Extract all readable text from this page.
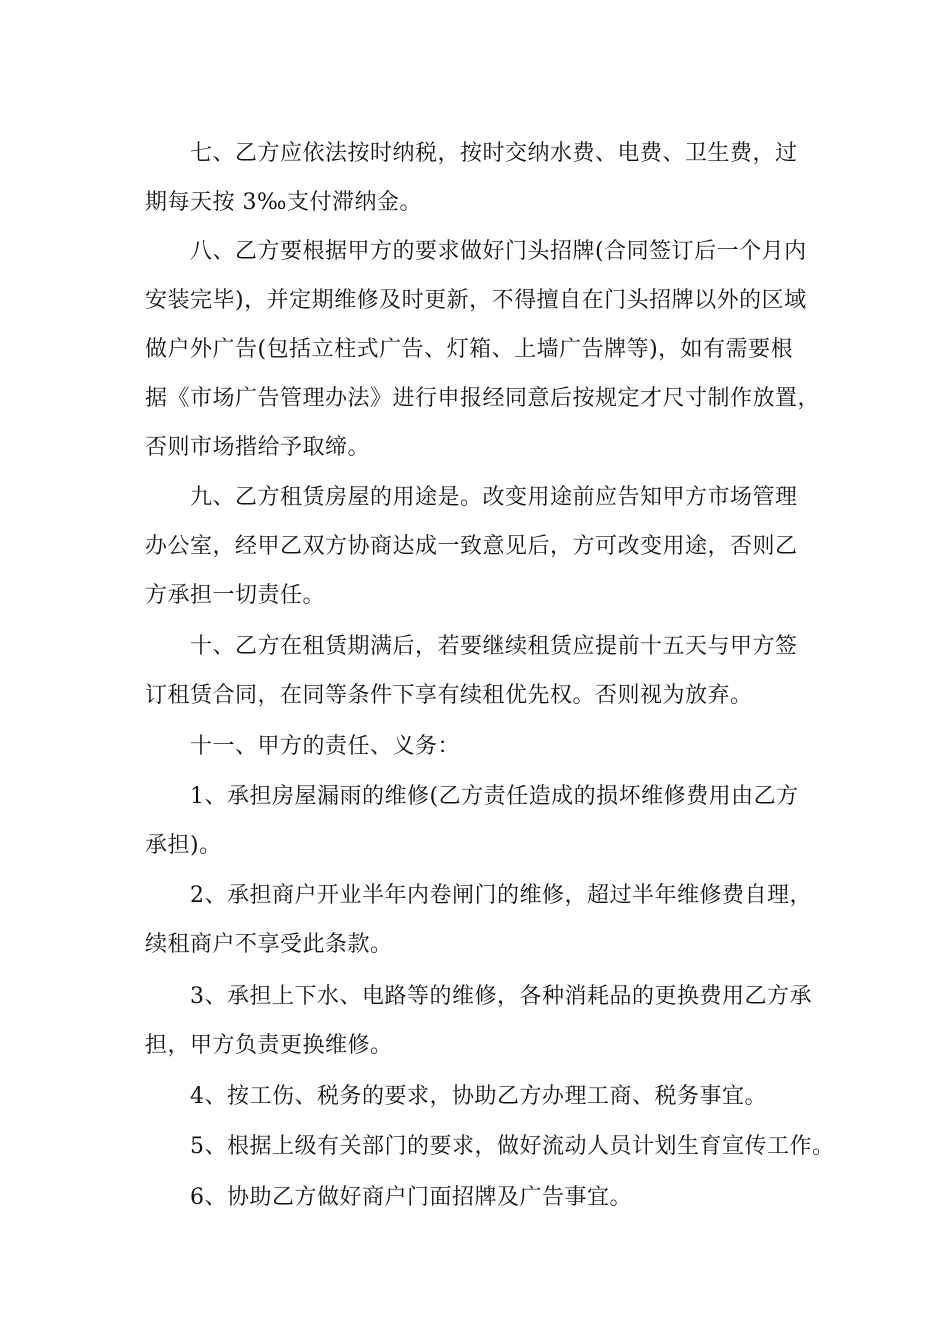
七、乙方应依法按时纳税，按时交纳水费、电费、卫生费，过
期每天按 3‰支付滞纳金。
八、乙方要根据甲方的要求做好门头招牌(合同签订后一个月内
安装完毕)，并定期维修及时更新，不得擅自在门头招牌以外的区域
做户外广告(包括立柱式广告、灯箱、上墙广告牌等)，如有需要根
据《市场广告管理办法》进行申报经同意后按规定才尺寸制作放置，
否则市场揩给予取缔。
九、乙方租赁房屋的用途是。改变用途前应告知甲方市场管理
办公室，经甲乙双方协商达成一致意见后，方可改变用途，否则乙
方承担一切责任。
十、乙方在租赁期满后，若要继续租赁应提前十五天与甲方签
订租赁合同，在同等条件下享有续租优先权。否则视为放弃。
十一、甲方的责任、义务：
1、承担房屋漏雨的维修(乙方责任造成的损坏维修费用由乙方
承担)。
2、承担商户开业半年内卷闸门的维修，超过半年维修费自理，
续租商户不享受此条款。
3、承担上下水、电路等的维修，各种消耗品的更换费用乙方承
担，甲方负责更换维修。
4、按工伤、税务的要求，协助乙方办理工商、税务事宜。
5、根据上级有关部门的要求，做好流动人员计划生育宣传工作。
6、协助乙方做好商户门面招牌及广告事宜。
